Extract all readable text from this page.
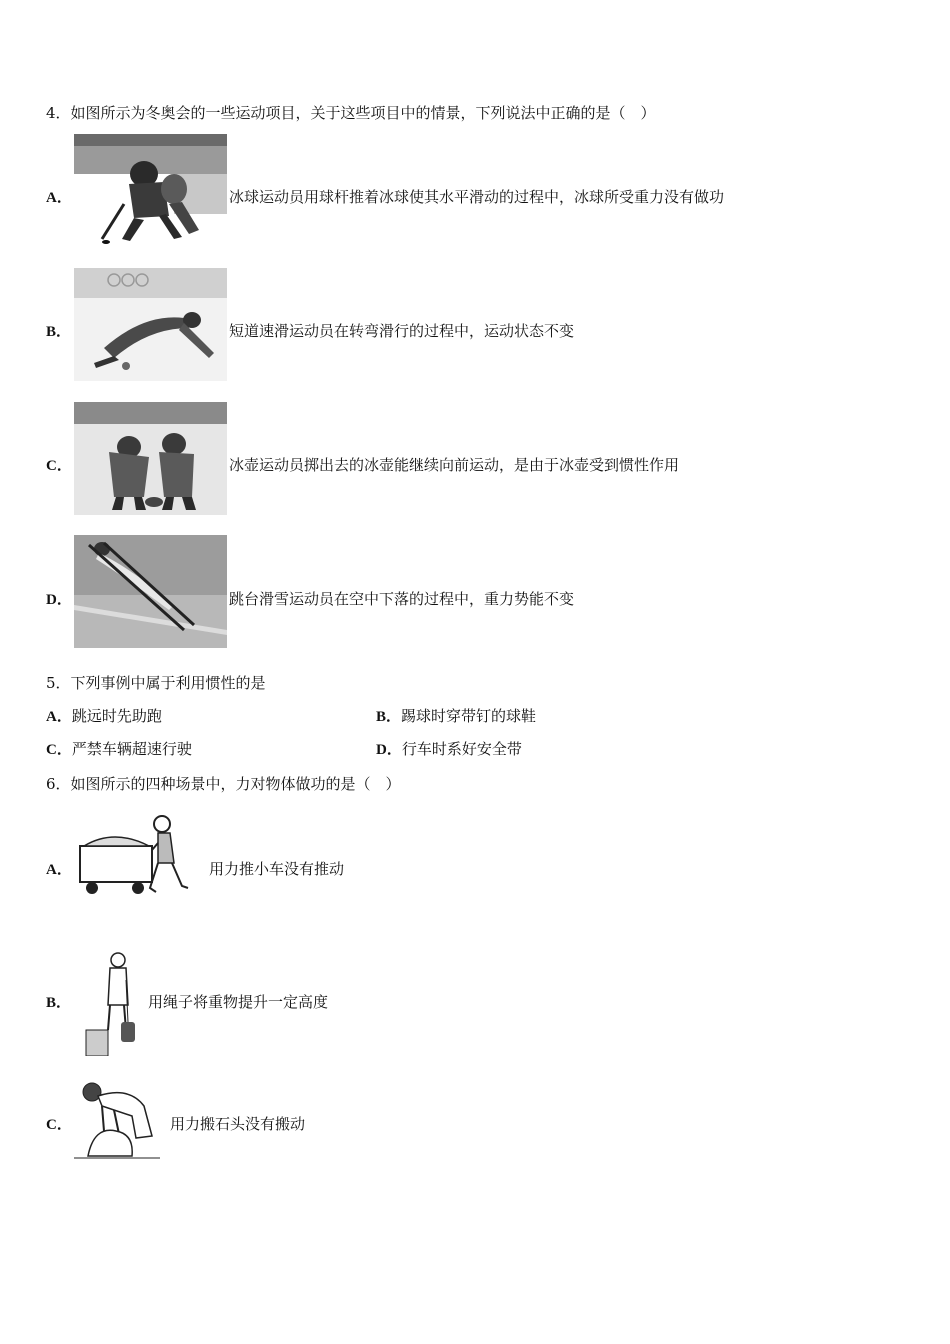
4．如图所示为冬奥会的一些运动项目，关于这些项目中的情景，下列说法中正确的是（　）
A．	冰球运动员用球杆推着冰球使其水平滑动的过程中，冰球所受重力没有做功
B．	短道速滑运动员在转弯滑行的过程中，运动状态不变
C．	冰壶运动员掷出去的冰壶能继续向前运动，是由于冰壶受到惯性作用
D．	跳台滑雪运动员在空中下落的过程中，重力势能不变
5．下列事例中属于利用惯性的是
A．跳远时先助跑	B．踢球时穿带钉的球鞋
C．严禁车辆超速行驶	D．行车时系好安全带
6．如图所示的四种场景中，力对物体做功的是（　）
A．	用力推小车没有推动
B．	用绳子将重物提升一定高度
C．	用力搬石头没有搬动
